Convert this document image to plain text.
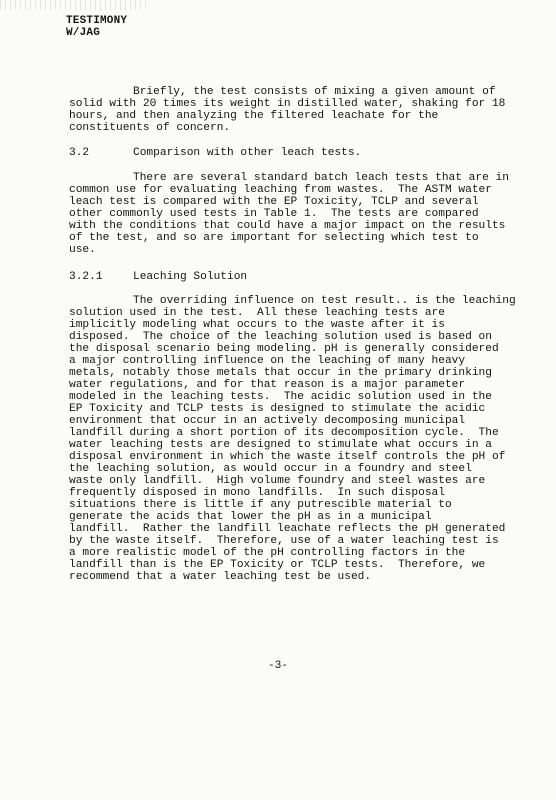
TESTIMONY
W/JAG
Briefly, the test consists of mixing a given amount of
solid with 20 times its weight in distilled water, shaking for 18
hours, and then analyzing the filtered leachate for the
constituents of concern.
3.2	Comparison with other leach tests.
There are several standard batch leach tests that are in
common use for evaluating leaching from wastes.  The ASTM water
leach test is compared with the EP Toxicity, TCLP and several
other commonly used tests in Table 1.  The tests are compared
with the conditions that could have a major impact on the results
of the test, and so are important for selecting which test to
use.
3.2.1	Leaching Solution
The overriding influence on test result.. is the leaching
solution used in the test.  All these leaching tests are
implicitly modeling what occurs to the waste after it is
disposed.  The choice of the leaching solution used is based on
the disposal scenario being modeling. pH is generally considered
a major controlling influence on the leaching of many heavy
metals, notably those metals that occur in the primary drinking
water regulations, and for that reason is a major parameter
modeled in the leaching tests.  The acidic solution used in the
EP Toxicity and TCLP tests is designed to stimulate the acidic
environment that occur in an actively decomposing municipal
landfill during a short portion of its decomposition cycle.  The
water leaching tests are designed to stimulate what occurs in a
disposal environment in which the waste itself controls the pH of
the leaching solution, as would occur in a foundry and steel
waste only landfill.  High volume foundry and steel wastes are
frequently disposed in mono landfills.  In such disposal
situations there is little if any putrescible material to
generate the acids that lower the pH as in a municipal
landfill.  Rather the landfill leachate reflects the pH generated
by the waste itself.  Therefore, use of a water leaching test is
a more realistic model of the pH controlling factors in the
landfill than is the EP Toxicity or TCLP tests.  Therefore, we
recommend that a water leaching test be used.
-3-
